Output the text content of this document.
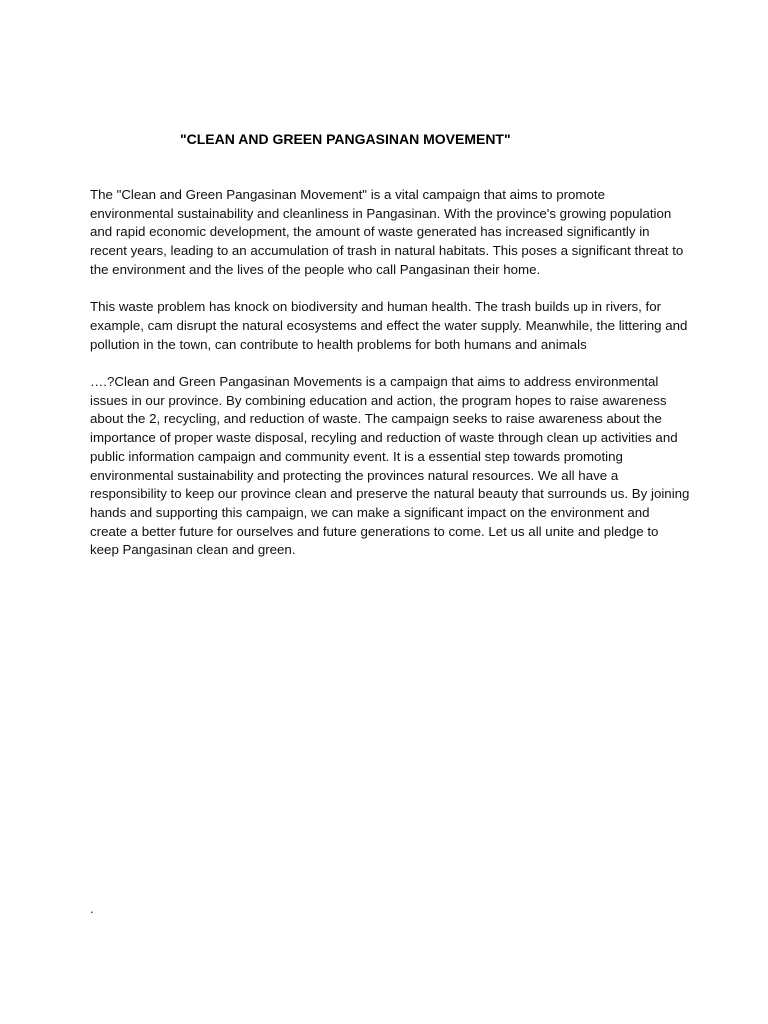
"CLEAN AND GREEN PANGASINAN MOVEMENT"

The "Clean and Green Pangasinan Movement" is a vital campaign that aims to promote environmental sustainability and cleanliness in Pangasinan. With the province's growing population and rapid economic development, the amount of waste generated has increased significantly in recent years, leading to an accumulation of trash in natural habitats. This poses a significant threat to the environment and the lives of the people who call Pangasinan their home.

This waste problem has knock on biodiversity and human health. The trash builds up in rivers, for example, cam disrupt the natural ecosystems and effect the water supply. Meanwhile, the littering and pollution in the town, can contribute to health problems for both humans and animals

….?Clean and Green Pangasinan Movements is a campaign that aims to address environmental issues in our province. By combining education and action, the program hopes to raise awareness about the 2, recycling, and reduction of waste. The campaign seeks to raise awareness about the importance of proper waste disposal, recyling and reduction of waste through clean up activities and public information campaign and community event. It is a essential step towards promoting environmental sustainability and protecting the provinces natural resources. We all have a responsibility to keep our province clean and preserve the natural beauty that surrounds us. By joining hands and supporting this campaign, we can make a significant impact on the environment and create a better future for ourselves and future generations to come. Let us all unite and pledge to keep Pangasinan clean and green.

.
